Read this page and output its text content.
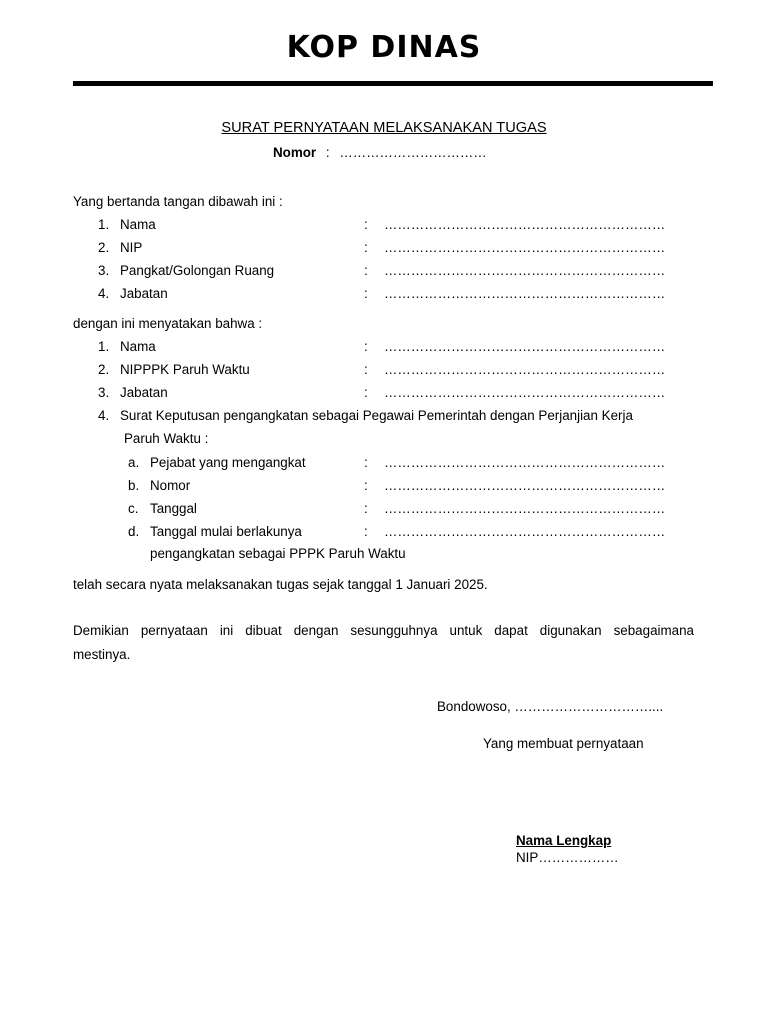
KOP DINAS
SURAT PERNYATAAN MELAKSANAKAN TUGAS
Nomor : ……………………………
Yang bertanda tangan dibawah ini :
1. Nama	: ………………………………………………………
2. NIP	: ………………………………………………………
3. Pangkat/Golongan Ruang	: ………………………………………………………
4. Jabatan	: ………………………………………………………
dengan ini menyatakan bahwa :
1. Nama	: ………………………………………………………
2. NIPPPK Paruh Waktu	: ………………………………………………………
3. Jabatan	: ………………………………………………………
4. Surat Keputusan pengangkatan sebagai Pegawai Pemerintah dengan Perjanjian Kerja
Paruh Waktu :
a. Pejabat yang mengangkat	: ………………………………………………………
b. Nomor	: ………………………………………………………
c. Tanggal	: ………………………………………………………
d. Tanggal mulai berlakunya	: ………………………………………………………
pengangkatan sebagai PPPK Paruh Waktu
telah secara nyata melaksanakan tugas sejak tanggal 1 Januari 2025.
Demikian pernyataan ini dibuat dengan sesungguhnya untuk dapat digunakan sebagaimana
mestinya.
Bondowoso, …………………………....
Yang membuat pernyataan
Nama Lengkap
NIP………………
